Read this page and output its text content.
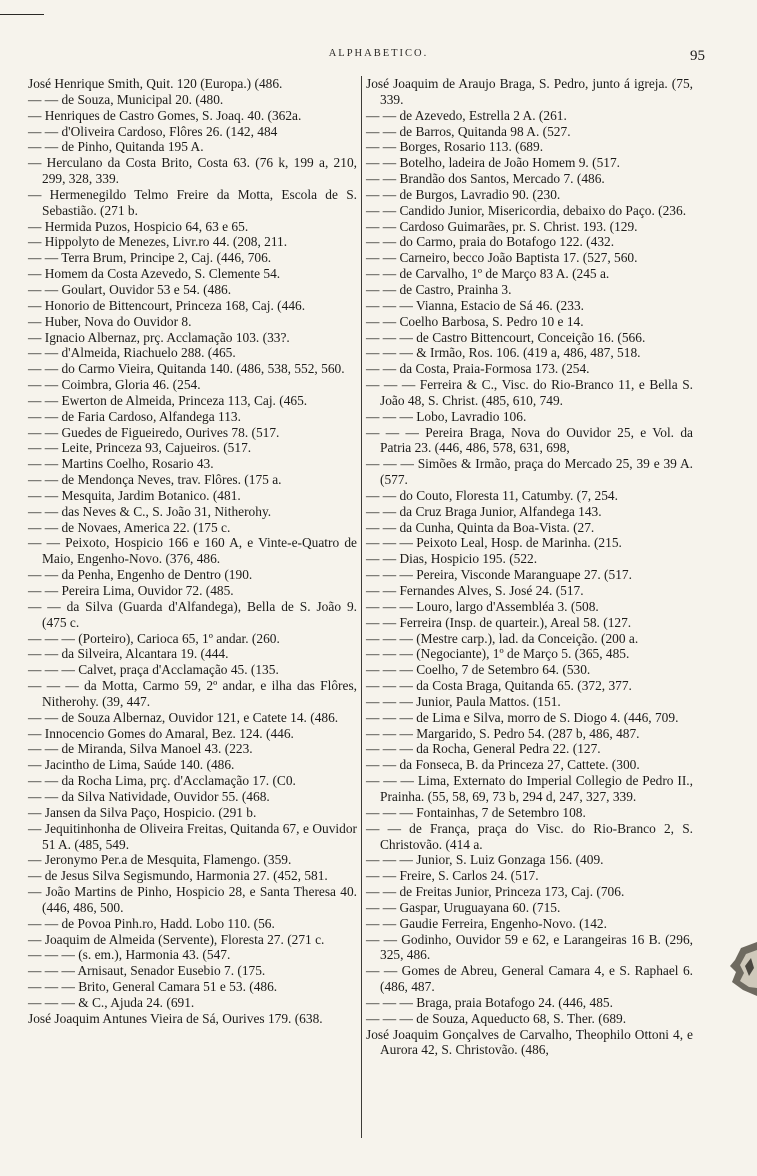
ALPHABETICO.	95

José Henrique Smith, Quit. 120 (Europa.) (486.

— — de Souza, Municipal 20. (480.

— Henriques de Castro Gomes, S. Joaq. 40. (362a.

— — d'Oliveira Cardoso, Flôres 26. (142, 484

— — de Pinho, Quitanda 195 A.

— Herculano da Costa Brito, Costa 63. (76 k, 199 a, 210, 299, 328, 339.

— Hermenegildo Telmo Freire da Motta, Escola de S. Sebastião. (271 b.

— Hermida Puzos, Hospicio 64, 63 e 65.

— Hippolyto de Menezes, Livr.ro 44. (208, 211.

— — Terra Brum, Principe 2, Caj. (446, 706.

— Homem da Costa Azevedo, S. Clemente 54.

— — Goulart, Ouvidor 53 e 54. (486.

— Honorio de Bittencourt, Princeza 168, Caj. (446.

— Huber, Nova do Ouvidor 8.

— Ignacio Albernaz, prç. Acclamação 103. (33?.

— — d'Almeida, Riachuelo 288. (465.

— — do Carmo Vieira, Quitanda 140. (486, 538, 552, 560.

— — Coimbra, Gloria 46. (254.

— — Ewerton de Almeida, Princeza 113, Caj. (465.

— — de Faria Cardoso, Alfandega 113.

— — Guedes de Figueiredo, Ourives 78. (517.

— — Leite, Princeza 93, Cajueiros. (517.

— — Martins Coelho, Rosario 43.

— — de Mendonça Neves, trav. Flôres. (175 a.

— — Mesquita, Jardim Botanico. (481.

— — das Neves & C., S. João 31, Nitherohy.

— — de Novaes, America 22. (175 c.

— — Peixoto, Hospicio 166 e 160 A, e Vinte-e-Quatro de Maio, Engenho-Novo. (376, 486.

— — da Penha, Engenho de Dentro (190.

— — Pereira Lima, Ouvidor 72. (485.

— — da Silva (Guarda d'Alfandega), Bella de S. João 9. (475 c.

— — — (Porteiro), Carioca 65, 1º andar. (260.

— — da Silveira, Alcantara 19. (444.

— — — Calvet, praça d'Acclamação 45. (135.

— — — da Motta, Carmo 59, 2º andar, e ilha das Flôres, Nitherohy. (39, 447.

— — de Souza Albernaz, Ouvidor 121, e Catete 14. (486.

— Innocencio Gomes do Amaral, Bez. 124. (446.

— — de Miranda, Silva Manoel 43. (223.

— Jacintho de Lima, Saúde 140. (486.

— — da Rocha Lima, prç. d'Acclamação 17. (C0.

— — da Silva Natividade, Ouvidor 55. (468.

— Jansen da Silva Paço, Hospicio. (291 b.

— Jequitinhonha de Oliveira Freitas, Quitanda 67, e Ouvidor 51 A. (485, 549.

— Jeronymo Per.a de Mesquita, Flamengo. (359.

— de Jesus Silva Segismundo, Harmonia 27. (452, 581.

— João Martins de Pinho, Hospicio 28, e Santa Theresa 40. (446, 486, 500.

— — de Povoa Pinh.ro, Hadd. Lobo 110. (56.

— Joaquim de Almeida (Servente), Floresta 27. (271 c.

— — — (s. em.), Harmonia 43. (547.

— — — Arnisaut, Senador Eusebio 7. (175.

— — — Brito, General Camara 51 e 53. (486.

— — — & C., Ajuda 24. (691.

José Joaquim Antunes Vieira de Sá, Ourives 179. (638.

José Joaquim de Araujo Braga, S. Pedro, junto á igreja. (75, 339.

— — de Azevedo, Estrella 2 A. (261.

— — de Barros, Quitanda 98 A. (527.

— — Borges, Rosario 113. (689.

— — Botelho, ladeira de João Homem 9. (517.

— — Brandão dos Santos, Mercado 7. (486.

— — de Burgos, Lavradio 90. (230.

— — Candido Junior, Misericordia, debaixo do Paço. (236.

— — Cardoso Guimarães, pr. S. Christ. 193. (129.

— — do Carmo, praia do Botafogo 122. (432.

— — Carneiro, becco João Baptista 17. (527, 560.

— — de Carvalho, 1º de Março 83 A. (245 a.

— — de Castro, Prainha 3.

— — — Vianna, Estacio de Sá 46. (233.

— — Coelho Barbosa, S. Pedro 10 e 14.

— — — de Castro Bittencourt, Conceição 16. (566.

— — — & Irmão, Ros. 106. (419 a, 486, 487, 518.

— — da Costa, Praia-Formosa 173. (254.

— — — Ferreira & C., Visc. do Rio-Branco 11, e Bella S. João 48, S. Christ. (485, 610, 749.

— — — Lobo, Lavradio 106.

— — — Pereira Braga, Nova do Ouvidor 25, e Vol. da Patria 23. (446, 486, 578, 631, 698,

— — — Simões & Irmão, praça do Mercado 25, 39 e 39 A. (577.

— — do Couto, Floresta 11, Catumby. (7, 254.

— — da Cruz Braga Junior, Alfandega 143.

— — da Cunha, Quinta da Boa-Vista. (27.

— — — Peixoto Leal, Hosp. de Marinha. (215.

— — Dias, Hospicio 195. (522.

— — — Pereira, Visconde Maranguape 27. (517.

— — Fernandes Alves, S. José 24. (517.

— — — Louro, largo d'Assembléa 3. (508.

— — Ferreira (Insp. de quarteir.), Areal 58. (127.

— — — (Mestre carp.), lad. da Conceição. (200 a.

— — — (Negociante), 1º de Março 5. (365, 485.

— — — Coelho, 7 de Setembro 64. (530.

— — — da Costa Braga, Quitanda 65. (372, 377.

— — — Junior, Paula Mattos. (151.

— — — de Lima e Silva, morro de S. Diogo 4. (446, 709.

— — — Margarido, S. Pedro 54. (287 b, 486, 487.

— — — da Rocha, General Pedra 22. (127.

— — da Fonseca, B. da Princeza 27, Cattete. (300.

— — — Lima, Externato do Imperial Collegio de Pedro II., Prainha. (55, 58, 69, 73 b, 294 d, 247, 327, 339.

— — — Fontainhas, 7 de Setembro 108.

— — de França, praça do Visc. do Rio-Branco 2, S. Christovão. (414 a.

— — — Junior, S. Luiz Gonzaga 156. (409.

— — Freire, S. Carlos 24. (517.

— — de Freitas Junior, Princeza 173, Caj. (706.

— — Gaspar, Uruguayana 60. (715.

— — Gaudie Ferreira, Engenho-Novo. (142.

— — Godinho, Ouvidor 59 e 62, e Larangeiras 16 B. (296, 325, 486.

— — Gomes de Abreu, General Camara 4, e S. Raphael 6. (486, 487.

— — — Braga, praia Botafogo 24. (446, 485.

— — — de Souza, Aqueducto 68, S. Ther. (689.

José Joaquim Gonçalves de Carvalho, Theophilo Ottoni 4, e Aurora 42, S. Christovão. (486,
